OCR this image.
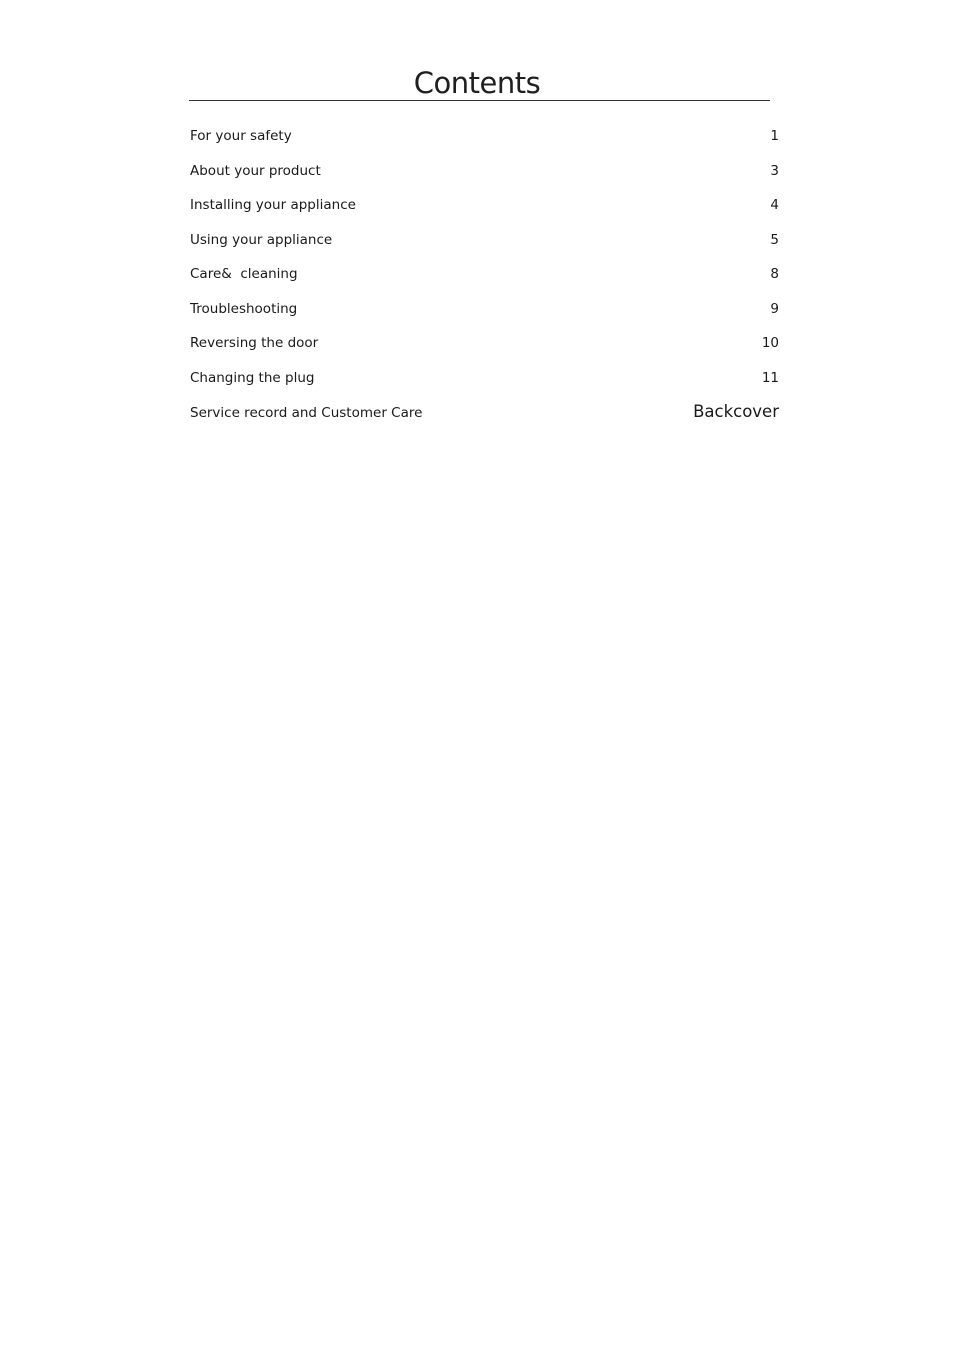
Contents
For your safety	1
About your product	3
Installing your appliance	4
Using your appliance	5
Care&  cleaning	8
Troubleshooting	9
Reversing the door	10
Changing the plug	11
Service record and Customer Care	Backcover
